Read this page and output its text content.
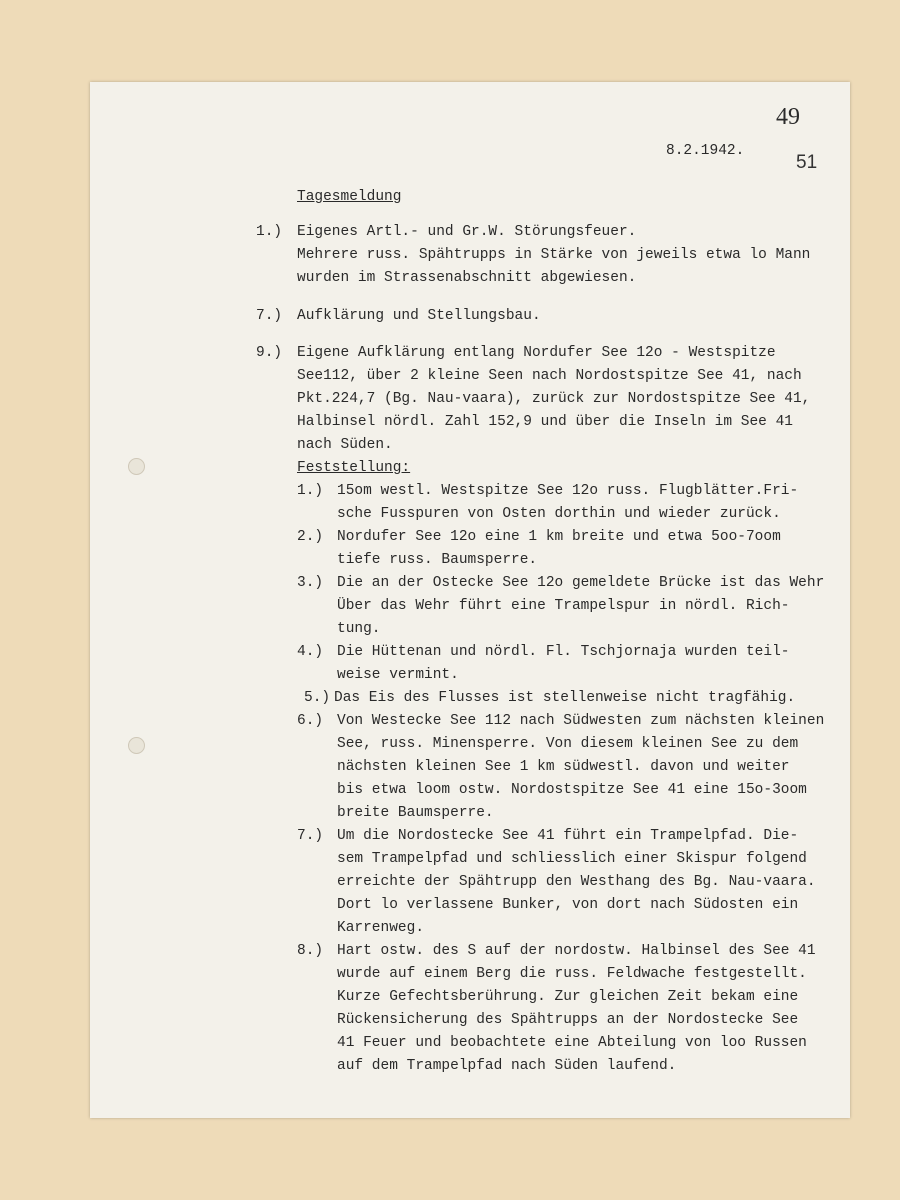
49
51
8.2.1942.
Tagesmeldung
1.) Eigenes Artl.- und Gr.W. Störungsfeuer.
Mehrere russ. Spähtrupps in Stärke von jeweils etwa lo Mann
wurden im Strassenabschnitt abgewiesen.
7.) Aufklärung und Stellungsbau.
9.) Eigene Aufklärung entlang Nordufer See 12o - Westspitze
See112, über 2 kleine Seen nach Nordostspitze See 41, nach
Pkt.224,7 (Bg. Nau-vaara), zurück zur Nordostspitze See 41,
Halbinsel nördl. Zahl 152,9 und über die Inseln im See 41
nach Süden.
Feststellung:
1.) 15om westl. Westspitze See 12o russ. Flugblätter.Fri-
sche Fusspuren von Osten dorthin und wieder zurück.
2.) Nordufer See 12o eine 1 km breite und etwa 5oo-7oom
tiefe russ. Baumsperre.
3.) Die an der Ostecke See 12o gemeldete Brücke ist das Wehr
Über das Wehr führt eine Trampelspur in nördl. Rich-
tung.
4.) Die Hüttenan und nördl. Fl. Tschjornaja wurden teil-
weise vermint.
5.) Das Eis des Flusses ist stellenweise nicht tragfähig.
6.) Von Westecke See 112 nach Südwesten zum nächsten kleinen
See, russ. Minensperre. Von diesem kleinen See zu dem
nächsten kleinen See 1 km südwestl. davon und weiter
bis etwa loom ostw. Nordostspitze See 41 eine 15o-3oom
breite Baumsperre.
7.) Um die Nordostecke See 41 führt ein Trampelpfad. Die-
sem Trampelpfad und schliesslich einer Skispur folgend
erreichte der Spähtrupp den Westhang des Bg. Nau-vaara.
Dort lo verlassene Bunker, von dort nach Südosten ein
Karrenweg.
8.) Hart ostw. des S auf der nordostw. Halbinsel des See 41
wurde auf einem Berg die russ. Feldwache festgestellt.
Kurze Gefechtsberührung. Zur gleichen Zeit bekam eine
Rückensicherung des Spähtrupps an der Nordostecke See
41 Feuer und beobachtete eine Abteilung von loo Russen
auf dem Trampelpfad nach Süden laufend.
